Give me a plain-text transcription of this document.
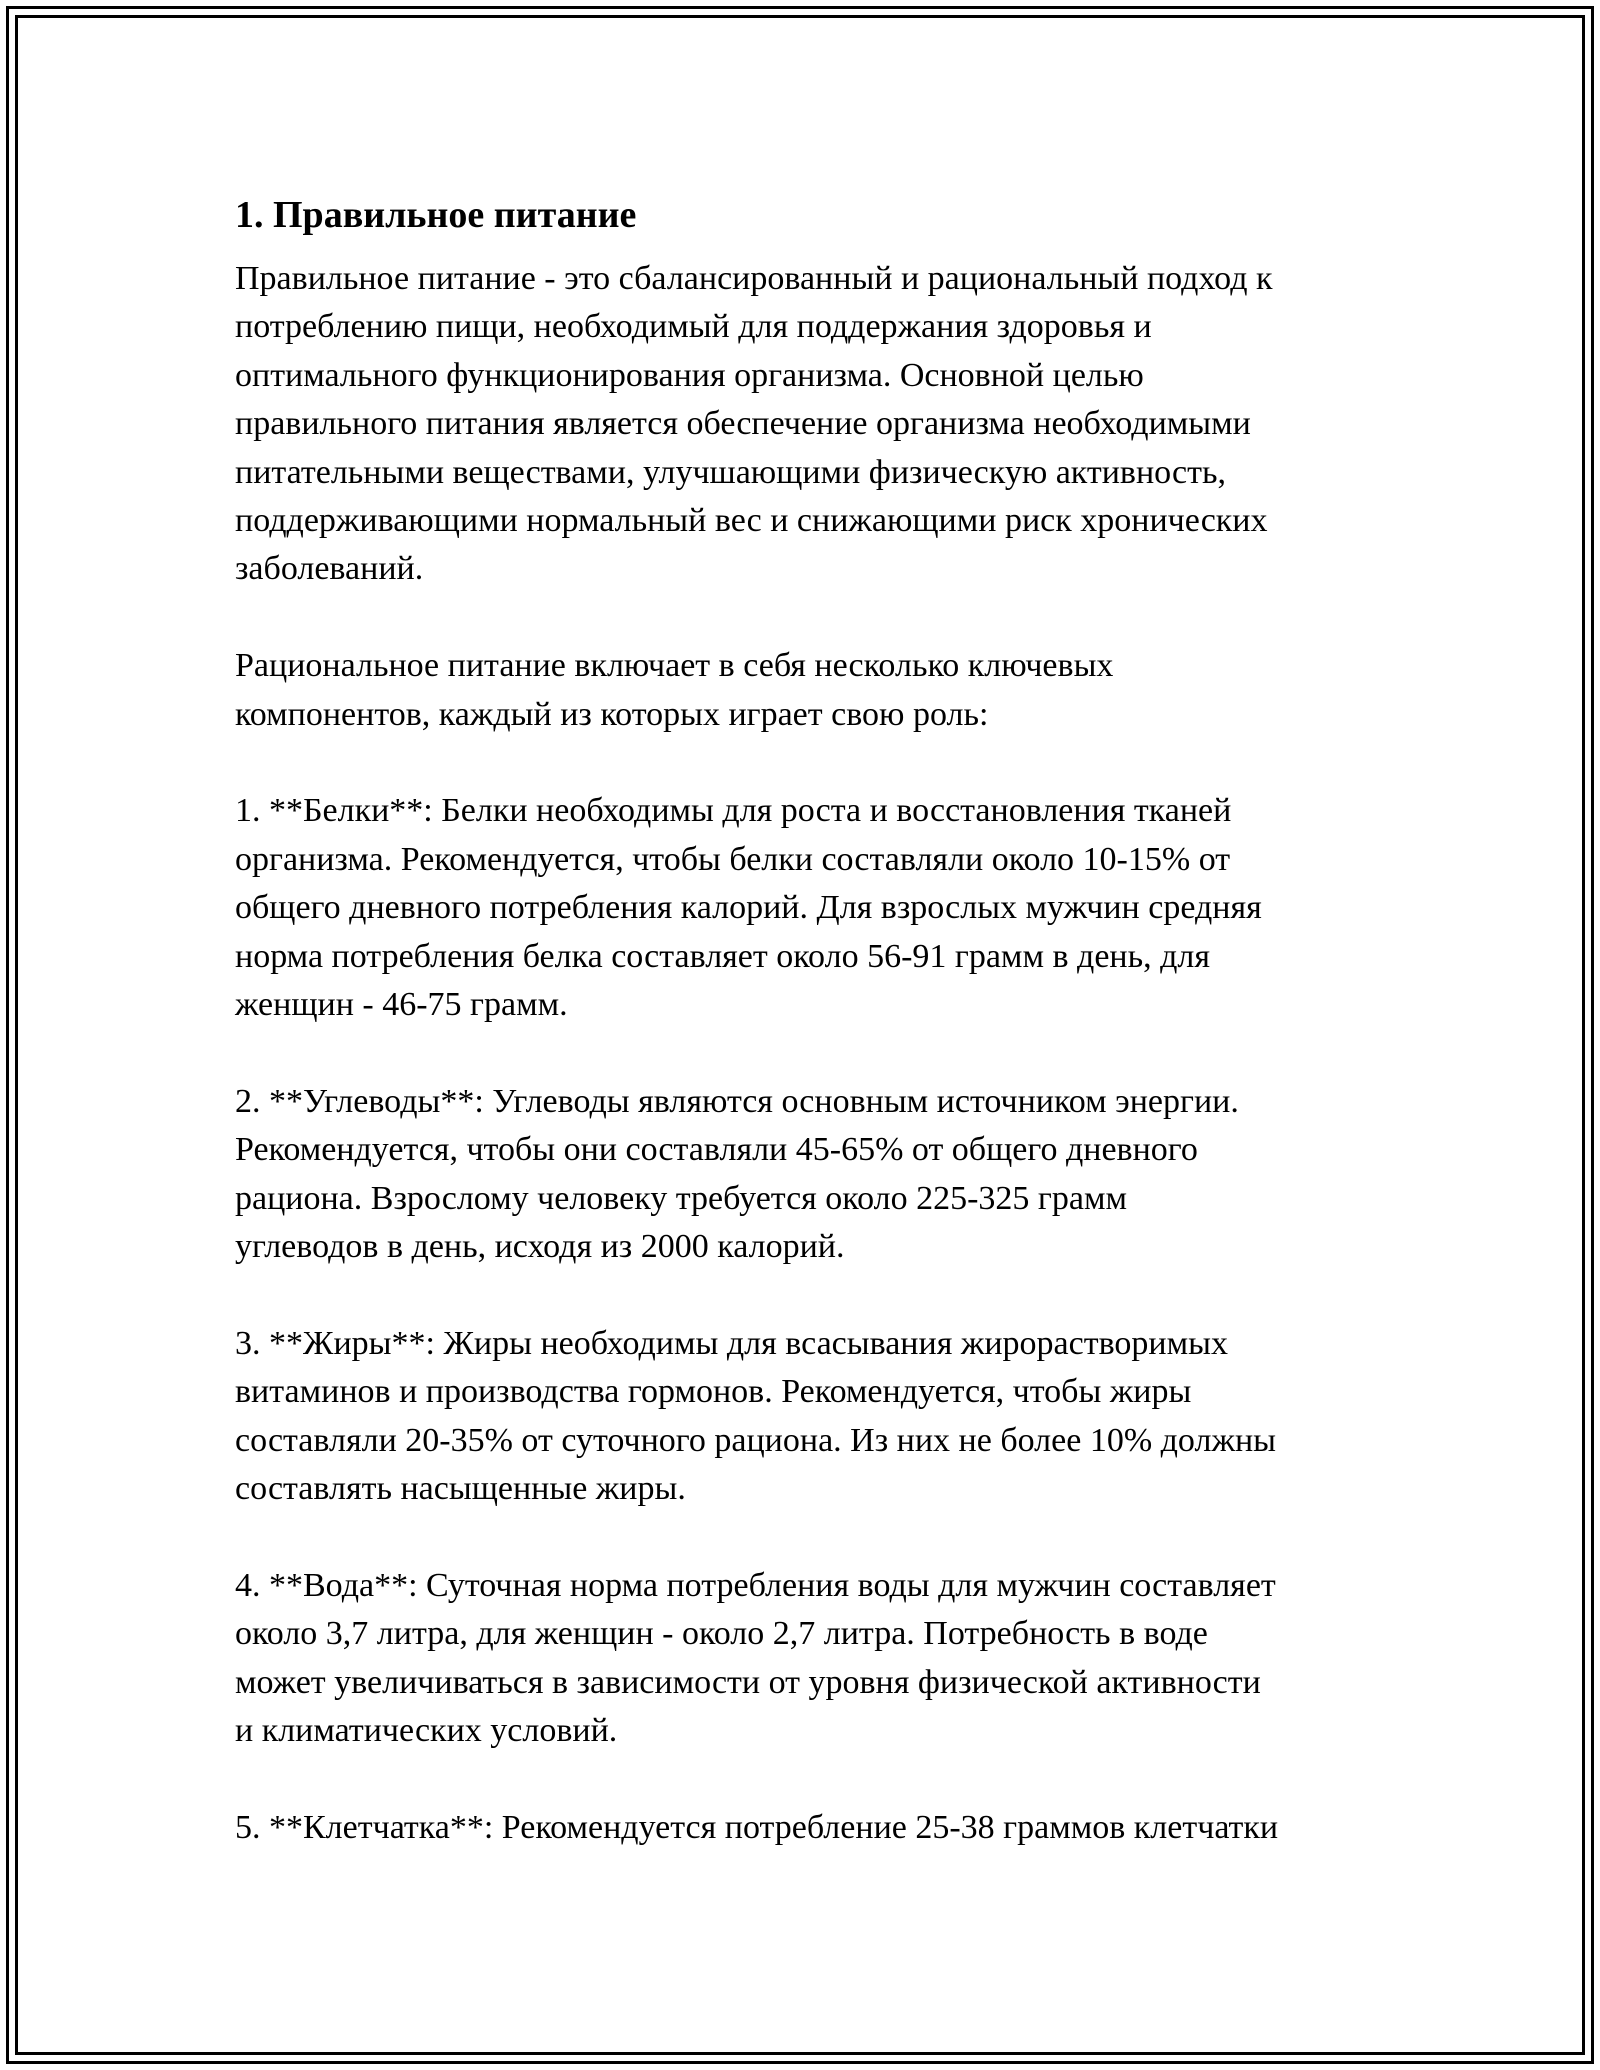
1. Правильное питание

Правильное питание - это сбалансированный и рациональный подход к
потреблению пищи, необходимый для поддержания здоровья и
оптимального функционирования организма. Основной целью
правильного питания является обеспечение организма необходимыми
питательными веществами, улучшающими физическую активность,
поддерживающими нормальный вес и снижающими риск хронических
заболеваний.

Рациональное питание включает в себя несколько ключевых
компонентов, каждый из которых играет свою роль:

1. **Белки**: Белки необходимы для роста и восстановления тканей
организма. Рекомендуется, чтобы белки составляли около 10-15% от
общего дневного потребления калорий. Для взрослых мужчин средняя
норма потребления белка составляет около 56-91 грамм в день, для
женщин - 46-75 грамм.

2. **Углеводы**: Углеводы являются основным источником энергии.
Рекомендуется, чтобы они составляли 45-65% от общего дневного
рациона. Взрослому человеку требуется около 225-325 грамм
углеводов в день, исходя из 2000 калорий.

3. **Жиры**: Жиры необходимы для всасывания жирорастворимых
витаминов и производства гормонов. Рекомендуется, чтобы жиры
составляли 20-35% от суточного рациона. Из них не более 10% должны
составлять насыщенные жиры.

4. **Вода**: Суточная норма потребления воды для мужчин составляет
около 3,7 литра, для женщин - около 2,7 литра. Потребность в воде
может увеличиваться в зависимости от уровня физической активности
и климатических условий.

5. **Клетчатка**: Рекомендуется потребление 25-38 граммов клетчатки
